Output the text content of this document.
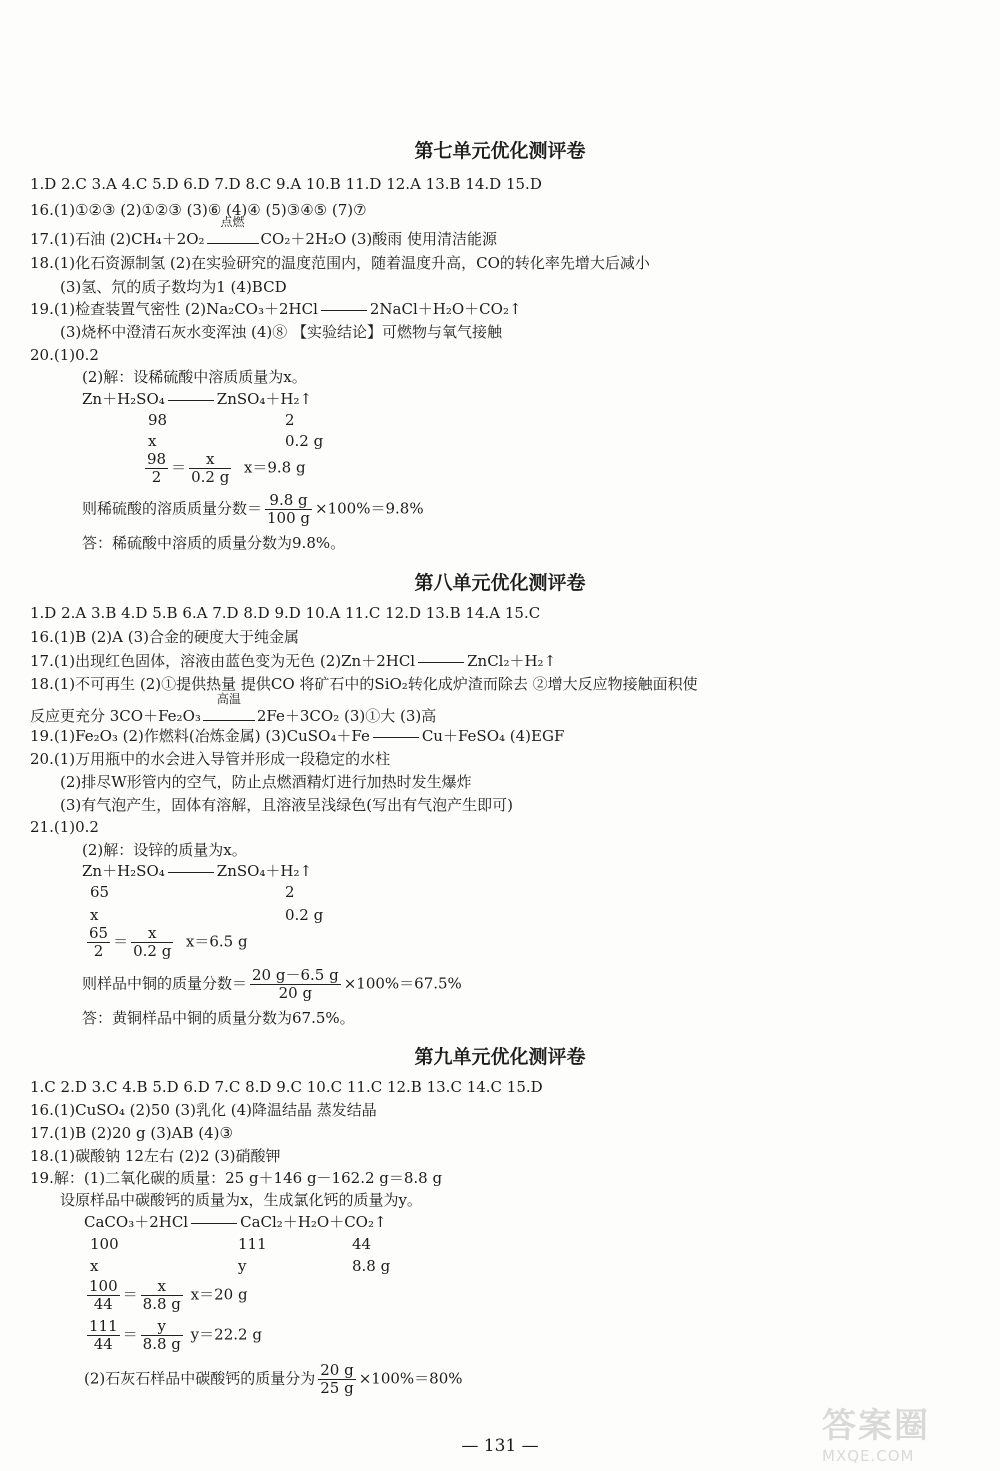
第七单元优化测评卷
1.D 2.C 3.A 4.C 5.D 6.D 7.D 8.C 9.A 10.B 11.D 12.A 13.B 14.D 15.D
16.(1)①②③ (2)①②③ (3)⑥ (4)④ (5)③④⑤ (7)⑦
17.(1)石油 (2)CH₄＋2O₂
点燃
CO₂＋2H₂O (3)酸雨 使用清洁能源
18.(1)化石资源制氢 (2)在实验研究的温度范围内，随着温度升高，CO的转化率先增大后减小
(3)氢、氘的质子数均为1 (4)BCD
19.(1)检查装置气密性 (2)Na₂CO₃＋2HCl	2NaCl＋H₂O＋CO₂↑
(3)烧杯中澄清石灰水变浑浊 (4)⑧ 【实验结论】可燃物与氧气接触
20.(1)0.2
(2)解：设稀硫酸中溶质质量为x。
Zn＋H₂SO₄	ZnSO₄＋H₂↑
98	2
x	0.2 g
$\frac{98}{2} = \frac{x}{0.2 g} x=9.8$ g
则稀硫酸的溶质质量分数＝ $\frac{9.8 g}{100 g} \times 100\%=9.8\%$
答：稀硫酸中溶质的质量分数为9.8%。
第八单元优化测评卷
1.D 2.A 3.B 4.D 5.B 6.A 7.D 8.D 9.D 10.A 11.C 12.D 13.B 14.A 15.C
16.(1)B (2)A (3)合金的硬度大于纯金属
17.(1)出现红色固体，溶液由蓝色变为无色 (2)Zn＋2HCl	ZnCl₂＋H₂↑
18.(1)不可再生 (2)①提供热量 提供CO 将矿石中的SiO₂转化成炉渣而除去 ②增大反应物接触面积使
反应更充分 3CO＋Fe₂O₃
高温
2Fe＋3CO₂ (3)①大 (3)高
19.(1)Fe₂O₃ (2)作燃料(冶炼金属) (3)CuSO₄＋Fe	Cu＋FeSO₄ (4)EGF
20.(1)万用瓶中的水会进入导管并形成一段稳定的水柱
(2)排尽W形管内的空气，防止点燃酒精灯进行加热时发生爆炸
(3)有气泡产生，固体有溶解，且溶液呈浅绿色(写出有气泡产生即可)
21.(1)0.2
(2)解：设锌的质量为x。
Zn＋H₂SO₄	ZnSO₄＋H₂↑
65	2
x	0.2 g
$\frac{65}{2} = \frac{x}{0.2 g} x=6.5$ g
则样品中铜的质量分数＝ $\frac{20 g-6.5 g}{20 g} \times 100\%=67.5\%$
答：黄铜样品中铜的质量分数为67.5%。
第九单元优化测评卷
1.C 2.D 3.C 4.B 5.D 6.D 7.C 8.D 9.C 10.C 11.C 12.B 13.C 14.C 15.D
16.(1)CuSO₄ (2)50 (3)乳化 (4)降温结晶 蒸发结晶
17.(1)B (2)20 g (3)AB (4)③
18.(1)碳酸钠 12左右 (2)2 (3)硝酸钾
19.解：(1)二氧化碳的质量：25 g＋146 g－162.2 g＝8.8 g
设原样品中碳酸钙的质量为x，生成氯化钙的质量为y。
CaCO₃＋2HCl	CaCl₂＋H₂O＋CO₂↑
100	111	44
x	y	8.8 g
$\frac{100}{44} = \frac{x}{8.8 g} x=20$ g
$\frac{111}{44} = \frac{y}{8.8 g} y=22.2$ g
(2)石灰石样品中碳酸钙的质量分为 $\frac{20 g}{25 g} \times 100\%=80\%$
— 131 —	答案圈
MXQE.COM
